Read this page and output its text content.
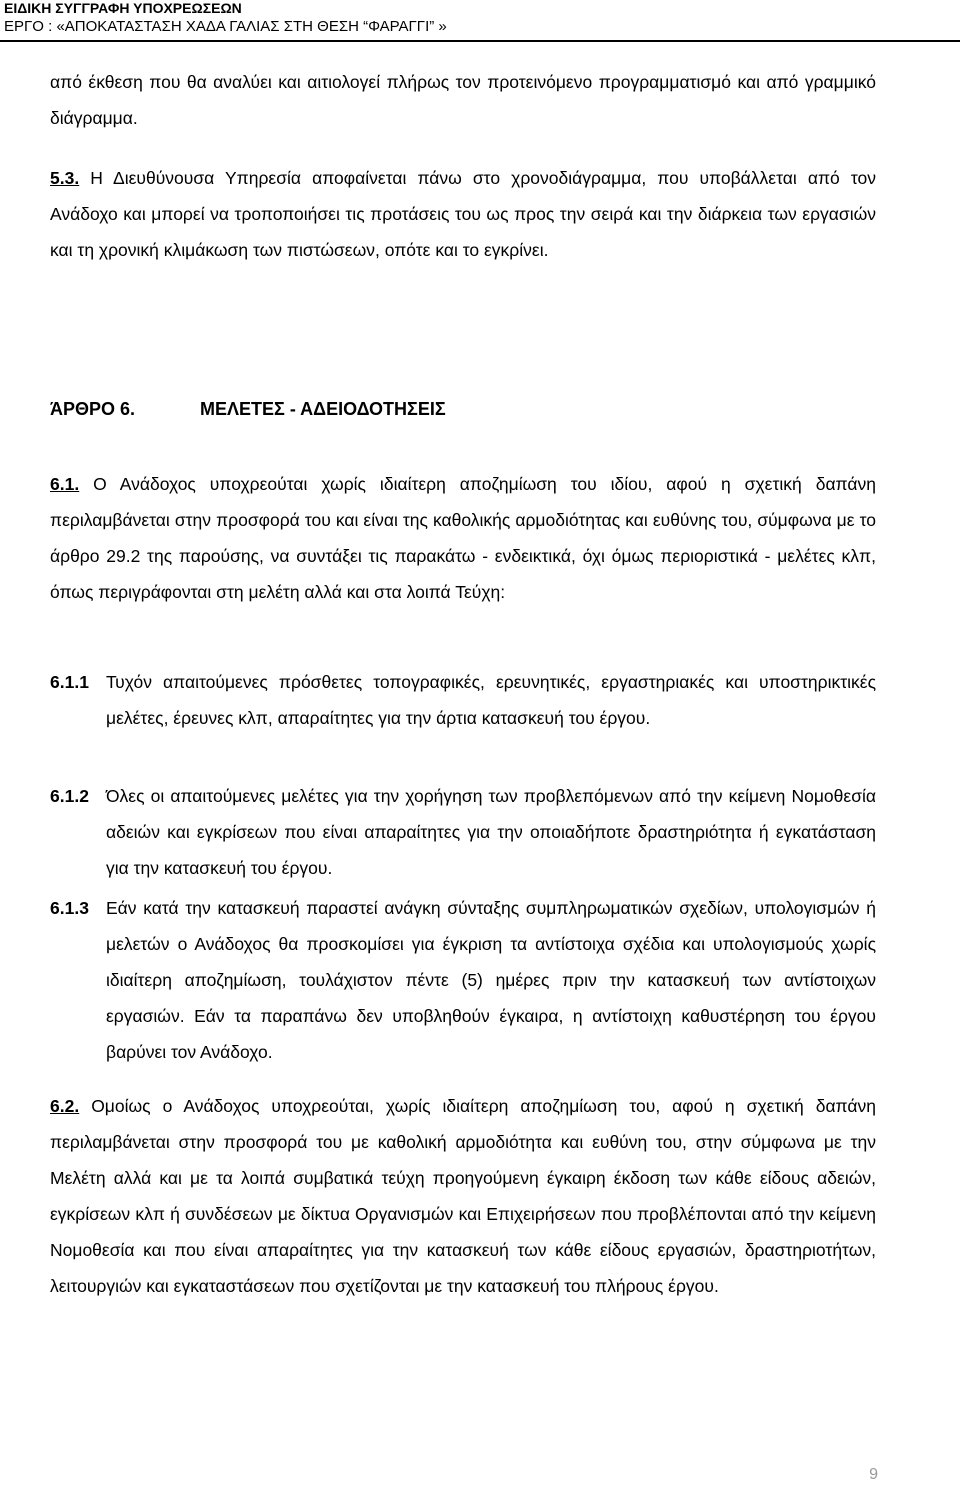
ΕΙΔΙΚΗ ΣΥΓΓΡΑΦΗ ΥΠΟΧΡΕΩΣΕΩΝ
ΕΡΓΟ : «ΑΠΟΚΑΤΑΣΤΑΣΗ ΧΑΔΑ ΓΑΛΙΑΣ ΣΤΗ ΘΕΣΗ “ΦΑΡΑΓΓΙ” »
από έκθεση που θα αναλύει και αιτιολογεί πλήρως τον προτεινόμενο προγραμματισμό και από γραμμικό διάγραμμα.
5.3. Η Διευθύνουσα Υπηρεσία αποφαίνεται πάνω στο χρονοδιάγραμμα, που υποβάλλεται από τον Ανάδοχο και μπορεί να τροποποιήσει τις προτάσεις του ως προς την σειρά και την διάρκεια των εργασιών και τη χρονική κλιμάκωση των πιστώσεων, οπότε και το εγκρίνει.
ΆΡΘΡΟ 6.	ΜΕΛΕΤΕΣ - ΑΔΕΙΟΔΟΤΗΣΕΙΣ
6.1. Ο Ανάδοχος υποχρεούται χωρίς ιδιαίτερη αποζημίωση του ιδίου, αφού η σχετική δαπάνη περιλαμβάνεται στην προσφορά του και είναι της καθολικής αρμοδιότητας και ευθύνης του, σύμφωνα με το άρθρο 29.2 της παρούσης, να συντάξει τις παρακάτω - ενδεικτικά, όχι όμως περιοριστικά - μελέτες κλπ, όπως περιγράφονται στη μελέτη αλλά και στα λοιπά Τεύχη:
6.1.1 Τυχόν απαιτούμενες πρόσθετες τοπογραφικές, ερευνητικές, εργαστηριακές και υποστηρικτικές μελέτες, έρευνες κλπ, απαραίτητες για την άρτια κατασκευή του έργου.
6.1.2 Όλες οι απαιτούμενες μελέτες για την χορήγηση των προβλεπόμενων από την κείμενη Νομοθεσία αδειών και εγκρίσεων που είναι απαραίτητες για την οποιαδήποτε δραστηριότητα ή εγκατάσταση για την κατασκευή του έργου.
6.1.3 Εάν κατά την κατασκευή παραστεί ανάγκη σύνταξης συμπληρωματικών σχεδίων, υπολογισμών ή μελετών ο Ανάδοχος θα προσκομίσει για έγκριση τα αντίστοιχα σχέδια και υπολογισμούς χωρίς ιδιαίτερη αποζημίωση, τουλάχιστον πέντε (5) ημέρες πριν την κατασκευή των αντίστοιχων εργασιών. Εάν τα παραπάνω δεν υποβληθούν έγκαιρα, η αντίστοιχη καθυστέρηση του έργου βαρύνει τον Ανάδοχο.
6.2. Ομοίως ο Ανάδοχος υποχρεούται, χωρίς ιδιαίτερη αποζημίωση του, αφού η σχετική δαπάνη περιλαμβάνεται στην προσφορά του με καθολική αρμοδιότητα και ευθύνη του, στην σύμφωνα με την Μελέτη αλλά και με τα λοιπά συμβατικά τεύχη προηγούμενη έγκαιρη έκδοση των κάθε είδους αδειών, εγκρίσεων κλπ ή συνδέσεων με δίκτυα Οργανισμών και Επιχειρήσεων που προβλέπονται από την κείμενη Νομοθεσία και που είναι απαραίτητες για την κατασκευή των κάθε είδους εργασιών, δραστηριοτήτων, λειτουργιών και εγκαταστάσεων που σχετίζονται με την κατασκευή του πλήρους έργου.
9
